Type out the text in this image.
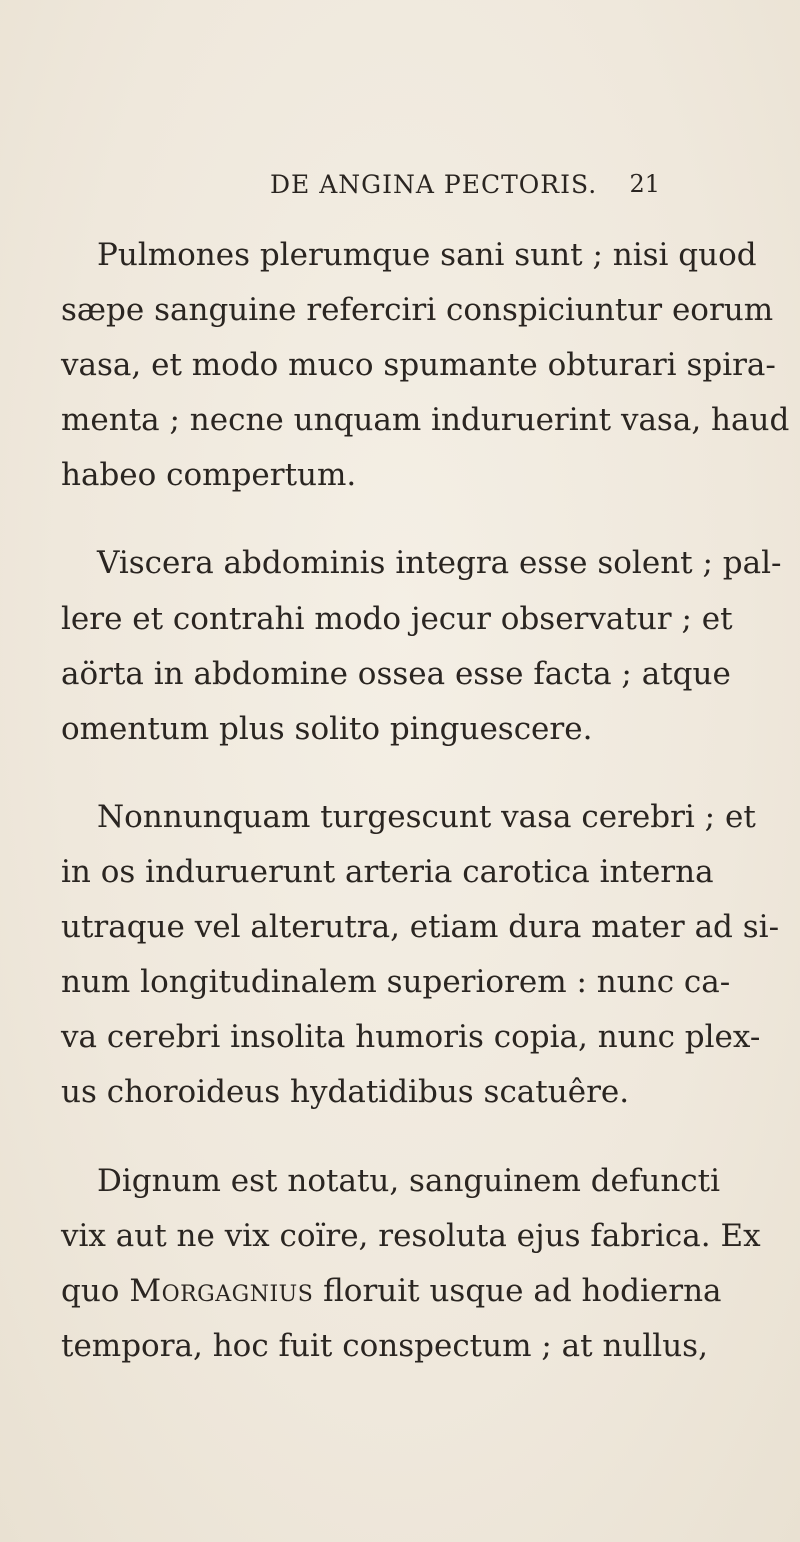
DE ANGINA PECTORIS. 21
Pulmones plerumque sani sunt ; nisi quod
sæpe sanguine referciri conspiciuntur eorum
vasa, et modo muco spumante obturari spira-
menta ; necne unquam induruerint vasa, haud
habeo compertum.
Viscera abdominis integra esse solent ; pal-
lere et contrahi modo jecur observatur ; et
aörta in abdomine ossea esse facta ; atque
omentum plus solito pinguescere.
Nonnunquam turgescunt vasa cerebri ; et
in os induruerunt arteria carotica interna
utraque vel alterutra, etiam dura mater ad si-
num longitudinalem superiorem : nunc ca-
va cerebri insolita humoris copia, nunc plex-
us choroideus hydatidibus scatuêre.
Dignum est notatu, sanguinem defuncti
vix aut ne vix coïre, resoluta ejus fabrica. Ex
quo Morgagnius floruit usque ad hodierna
tempora, hoc fuit conspectum ; at nullus,
